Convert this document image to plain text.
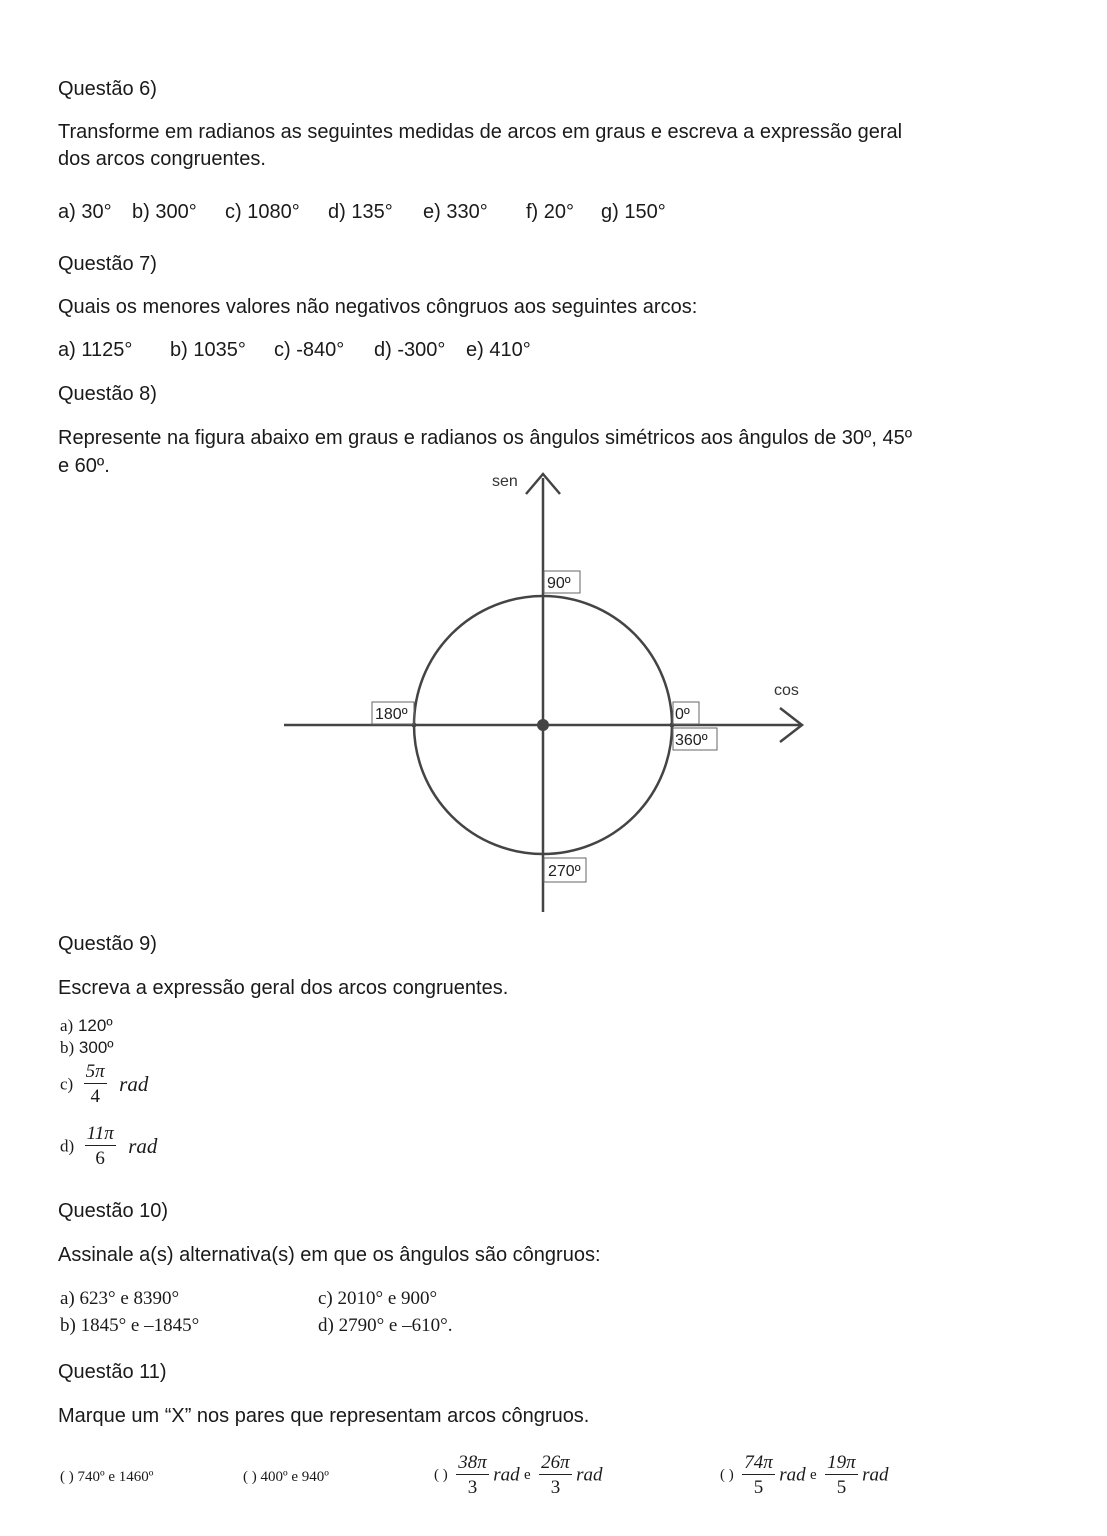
Questão 6)
Transforme em radianos as seguintes medidas de arcos em graus e escreva a expressão geral
dos arcos congruentes.
a) 30° b) 300° c) 1080° d) 135° e) 330° f) 20° g) 150°
Questão 7)
Quais os menores valores não negativos côngruos aos seguintes arcos:
a) 1125° b) 1035° c) -840° d) -300° e) 410°
Questão 8)
Represente na figura abaixo em graus e radianos os ângulos simétricos aos ângulos de 30º, 45º
e 60º.
sen
cos
90º
180º	0º
360º
270º
Questão 9)
Escreva a expressão geral dos arcos congruentes.
a) 120º
b) 300º
$c) \frac{5\pi}{4}$ rad
$d) \frac{11\pi}{6}$ rad
Questão 10)
Assinale a(s) alternativa(s) em que os ângulos são côngruos:
a) 623° e 8390°
b) 1845° e –1845°
c) 2010° e 900°
d) 2790° e –610°.
Questão 11)
Marque um “X” nos pares que representam arcos côngruos.
( ) 740º e 1460º	( ) 400º e 940º	( ) $\frac{38\pi}{3}$ rad e $\frac{26\pi}{3}$ rad	( ) $\frac{74\pi}{5}$ rad e $\frac{19\pi}{5}$ rad
